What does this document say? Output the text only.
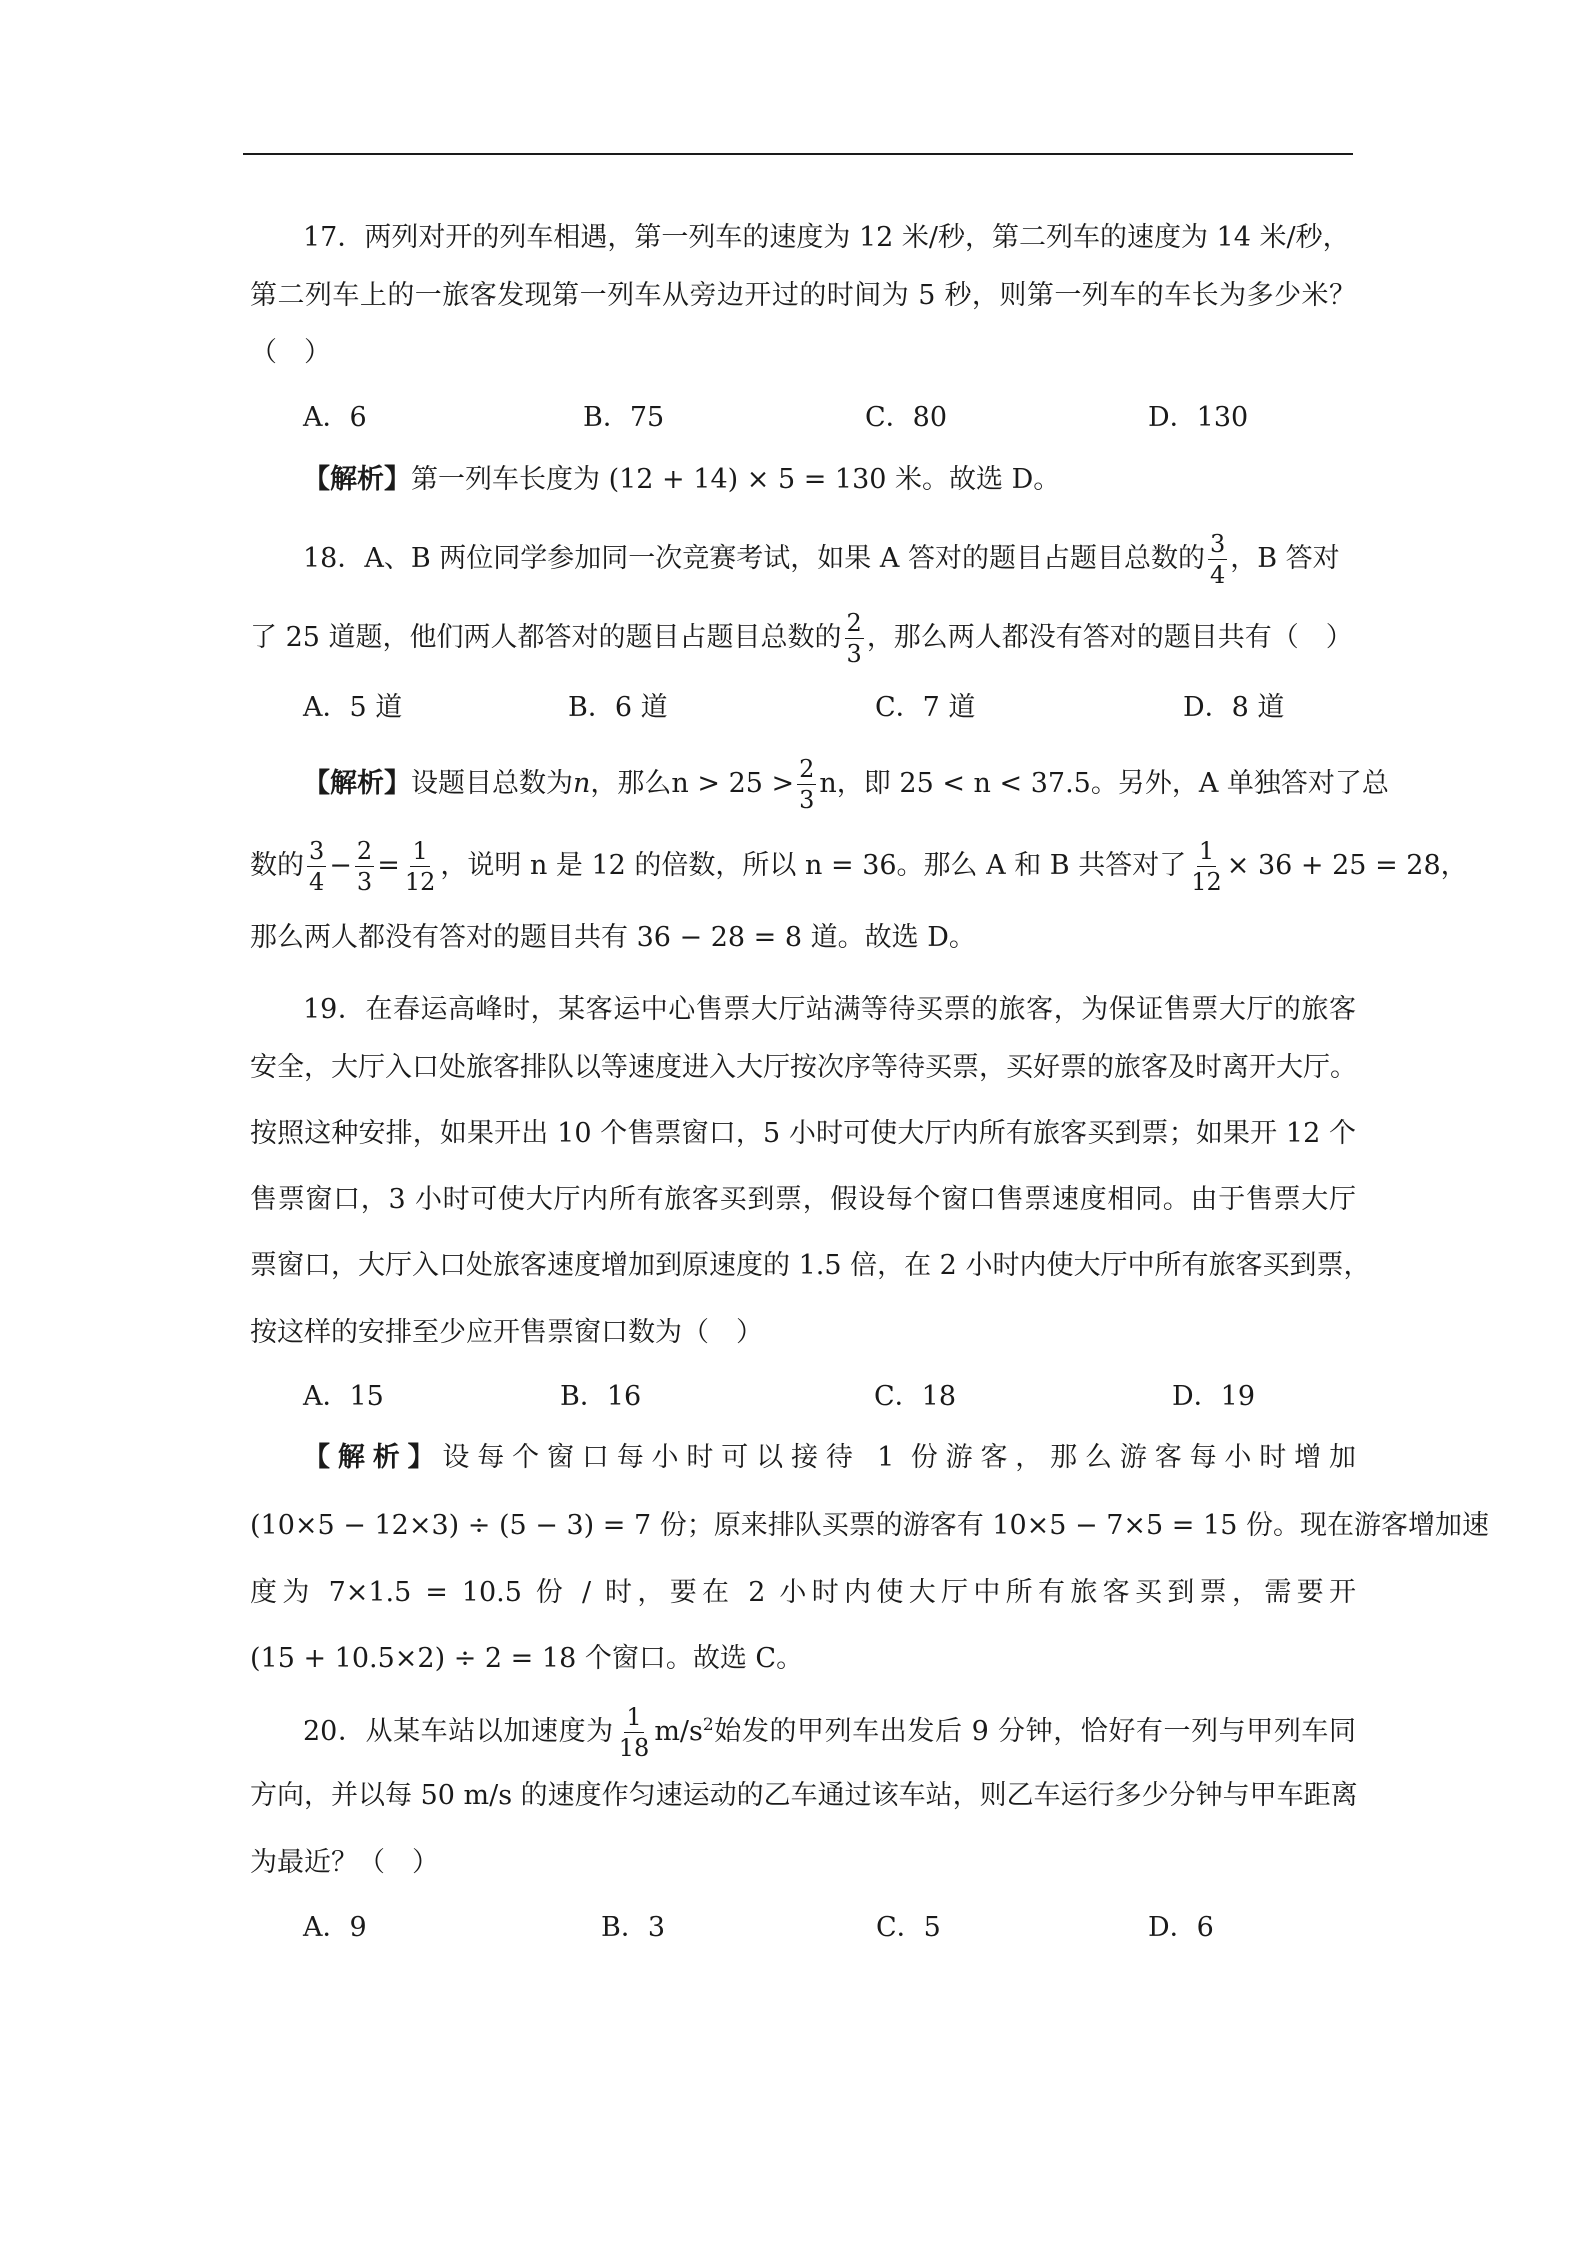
17．两列对开的列车相遇，第一列车的速度为 12 米/秒，第二列车的速度为 14 米/秒，
第二列车上的一旅客发现第一列车从旁边开过的时间为 5 秒，则第一列车的车长为多少米？
（　）
A．6	B．75	C．80	D．130
【解析】第一列车长度为 (12 + 14) × 5 = 130 米。故选 D。
18．A、B 两位同学参加同一次竞赛考试，如果 A 答对的题目占题目总数的 $\frac{3}{4}$ ，B 答对
了 25 道题，他们两人都答对的题目占题目总数的 $\frac{2}{3}$ ，那么两人都没有答对的题目共有（　）
A．5 道	B．6 道	C．7 道	D．8 道
【解析】设题目总数为n，那么$n > 25 > \frac{2}{3}$ n，即 25 < n < 37.5。另外，A 单独答对了总
数的 $\frac{3}{4} - \frac{2}{3} = \frac{1}{12}$ ，说明 n 是 12 的倍数，所以 n = 36。那么 A 和 B 共答对了 $\frac{1}{12} \times 36 + 25 = 28$，
那么两人都没有答对的题目共有 36 − 28 = 8 道。故选 D。
19．在春运高峰时，某客运中心售票大厅站满等待买票的旅客，为保证售票大厅的旅客
安全，大厅入口处旅客排队以等速度进入大厅按次序等待买票，买好票的旅客及时离开大厅。
按照这种安排，如果开出 10 个售票窗口，5 小时可使大厅内所有旅客买到票；如果开 12 个
售票窗口，3 小时可使大厅内所有旅客买到票，假设每个窗口售票速度相同。由于售票大厅
票窗口，大厅入口处旅客速度增加到原速度的 1.5 倍，在 2 小时内使大厅中所有旅客买到票，
按这样的安排至少应开售票窗口数为（　）
A．15	B．16	C．18	D．19
【解析】设每个窗口每小时可以接待 1 份游客，那么游客每小时增加
(10×5 − 12×3) ÷ (5 − 3) = 7 份；原来排队买票的游客有 10×5 − 7×5 = 15 份。现在游客增加速
度为 7×1.5 = 10.5 份 / 时，要在 2 小时内使大厅中所有旅客买到票，需要开
(15 + 10.5×2) ÷ 2 = 18 个窗口。故选 C。
20．从某车站以加速度为 $\frac{1}{18} m/s^2$始发的甲列车出发后 9 分钟，恰好有一列与甲列车同
方向，并以每 50 m/s 的速度作匀速运动的乙车通过该车站，则乙车运行多少分钟与甲车距离
为最近？（　）
A．9	B．3	C．5	D．6
